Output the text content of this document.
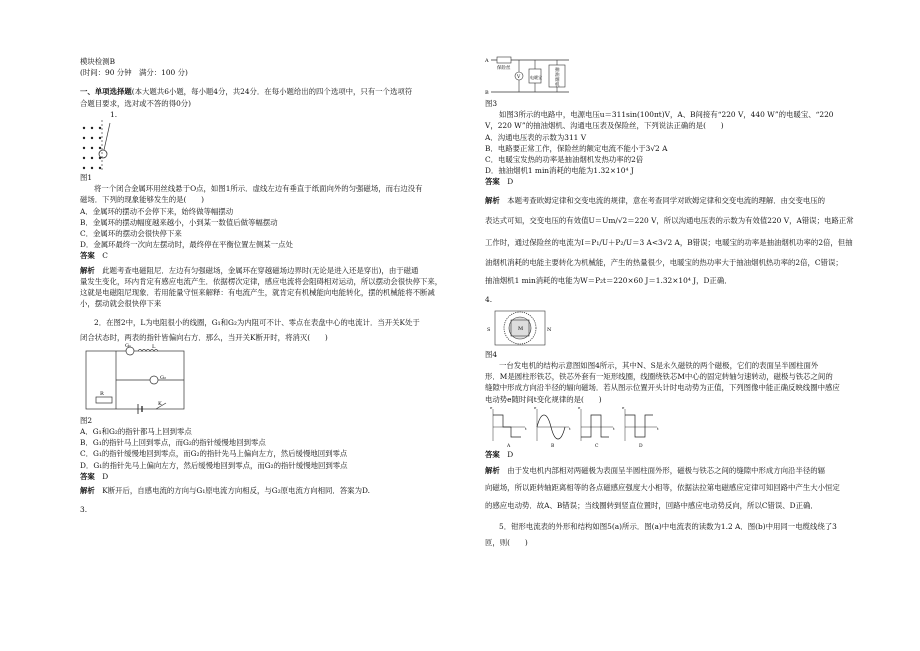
模块检测B
(时间：90 分钟　满分：100 分)
一、单项选择题(本大题共6小题，每小题4分，共24分．在每小题给出的四个选项中，只有一个选项符
合题目要求，选对或不答的得0分)
1.
图1
将一个闭合金属环用丝线悬于O点，如图1所示．虚线左边有垂直于纸面向外的匀强磁场，而右边没有
磁场．下列的现象能够发生的是(　　)
A．金属环的摆动不会停下来，始终做等幅摆动
B．金属环的摆动幅度越来越小，小到某一数值后做等幅摆动
C．金属环的摆动会很快停下来
D．金属环最终一次向左摆动时，最终停在平衡位置左侧某一点处
答案　 C
解析　 此题考查电磁阻尼．左边有匀强磁场，金属环在穿越磁场边界时(无论是进入还是穿出)，由于磁通
量发生变化，环内肯定有感应电流产生．依据楞次定律，感应电流将会阻碍相对运动，所以摆动会很快停下来，
这就是电磁阻尼现象．若用能量守恒来解释：有电流产生，就肯定有机械能向电能转化，摆的机械能将不断减
小，摆动就会很快停下来
2．在图2中，L为电阻很小的线圈，G₁和G₂为内阻可不计、零点在表盘中心的电流计．当开关K处于
闭合状态时，两表的指针皆偏向右方．那么，当开关K断开时，将消灭(　　)
G₁	L
G₂
R
K
图2
A．G₁和G₂的指针都马上回到零点
B．G₁的指针马上回到零点，而G₂的指针缓慢地回到零点
C．G₁的指针缓慢地回到零点，而G₂的指针先马上偏向左方，然后缓慢地回到零点
D．G₁的指针先马上偏向左方，然后缓慢地回到零点，而G₂的指针缓慢地回到零点
答案　 D
解析　 K断开后，自感电流的方向与G₁原电流方向相反，与G₂原电流方向相同．答案为D.
3.
A
B
保险丝
V 电暖宝
抽
油
烟
机
图3
如图3所示的电路中，电源电压u＝311sin(100πt)V，A、B间接有“220 V，440 W”的电暖宝、“220
V，220 W”的抽油烟机、沟通电压表及保险丝，下列说法正确的是(　　)
A．沟通电压表的示数为311 V
B．电路要正常工作，保险丝的额定电流不能小于3√2 A
C．电暖宝发热的功率是抽油烟机发热功率的2倍
D．抽油烟机1 min消耗的电能为1.32×10⁴ J
答案　 D
解析　 本题考查欧姆定律和交变电流的规律，意在考查同学对欧姆定律和交变电流的理解．由交变电压的
表达式可知，交变电压的有效值U＝Um/√2＝220 V，所以沟通电压表的示数为有效值220 V，A错误；电路正常
工作时，通过保险丝的电流为I＝P₁/U＋P₂/U＝3 A<3√2 A，B错误；电暖宝的功率是抽油烟机功率的2倍，但抽
油烟机消耗的电能主要转化为机械能，产生的热量很少，电暖宝的热功率大于抽油烟机热功率的2倍，C错误；
抽油烟机1 min消耗的电能为W＝P₂t＝220×60 J＝1.32×10⁴ J，D正确．
4.
S	N
M
图4
一台发电机的结构示意图如图4所示，其中N、S是永久磁铁的两个磁极，它们的表面呈半圆柱面外
形．M是圆柱形铁芯，铁芯外套有一矩形线圈，线圈绕铁芯M中心的固定转轴匀速转动，磁极与铁芯之间的
缝隙中形成方向沿半径的辐向磁场．若从图示位置开头计时电动势为正值，下列图像中能正确反映线圈中感应
电动势e随时间t变化规律的是(　　)
e
t
A
e
t
B
e
t
C
e
t
D
答案　 D
解析　 由于发电机内部相对两磁极为表面呈半圆柱面外形，磁极与铁芯之间的缝隙中形成方向沿半径的辐
向磁场，所以距转轴距离相等的各点磁感应强度大小相等，依据法拉第电磁感应定律可知回路中产生大小恒定
的感应电动势．故A、B错误；当线圈转到竖直位置时，回路中感应电动势反向，所以C错误、D正确．
5．钳形电流表的外形和结构如图5(a)所示．图(a)中电流表的读数为1.2 A．图(b)中用同一电缆线绕了3
匝，则(　　)
